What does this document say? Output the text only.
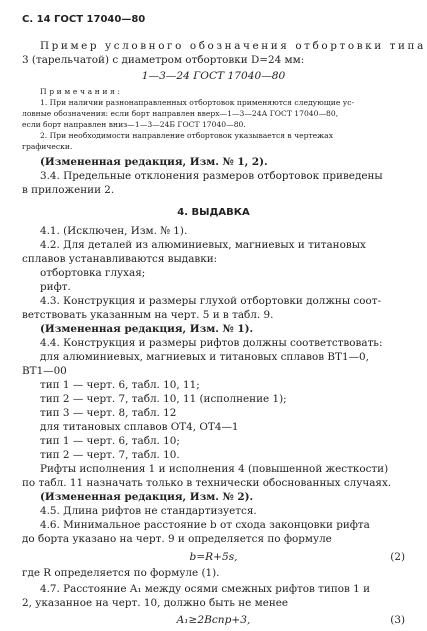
С. 14 ГОСТ 17040—80
Пример условного обозначения отбортовки типа
3 (тарельчатой) с диаметром отбортовки D=24 мм:
1—3—24 ГОСТ 17040—80
Примечания:
1. При наличии разнонаправленных отбортовок применяются следующие ус-
ловные обозначения: если борт направлен вверх—1—3—24А ГОСТ 17040—80,
если борт направлен вниз—1—3—24Б ГОСТ 17040—80.
2. При необходимости направление отбортовок указывается в чертежах
графически.
(Измененная редакция, Изм. № 1, 2).
3.4. Предельные отклонения размеров отбортовок приведены
в приложении 2.
4. ВЫДАВКА
4.1. (Исключен, Изм. № 1).
4.2. Для деталей из алюминиевых, магниевых и титановых
сплавов устанавливаются выдавки:
отбортовка глухая;
рифт.
4.3. Конструкция и размеры глухой отбортовки должны соот-
ветствовать указанным на черт. 5 и в табл. 9.
(Измененная редакция, Изм. № 1).
4.4. Конструкция и размеры рифтов должны соответствовать:
для алюминиевых, магниевых и титановых сплавов ВТ1—0,
ВТ1—00
тип 1 — черт. 6, табл. 10, 11;
тип 2 — черт. 7, табл. 10, 11 (исполнение 1);
тип 3 — черт. 8, табл. 12
для титановых сплавов ОТ4, ОТ4—1
тип 1 — черт. 6, табл. 10;
тип 2 — черт. 7, табл. 10.
Рифты исполнения 1 и исполнения 4 (повышенной жесткости)
по табл. 11 назначать только в технически обоснованных случаях.
(Измененная редакция, Изм. № 2).
4.5. Длина рифтов не стандартизуется.
4.6. Минимальное расстояние b от схода законцовки рифта
до борта указано на черт. 9 и определяется по формуле
b=R+5s,	(2)
где R определяется по формуле (1).
4.7. Расстояние A₁ между осями смежных рифтов типов 1 и
2, указанное на черт. 10, должно быть не менее
A₁≥2Bспр+3,	(3)
